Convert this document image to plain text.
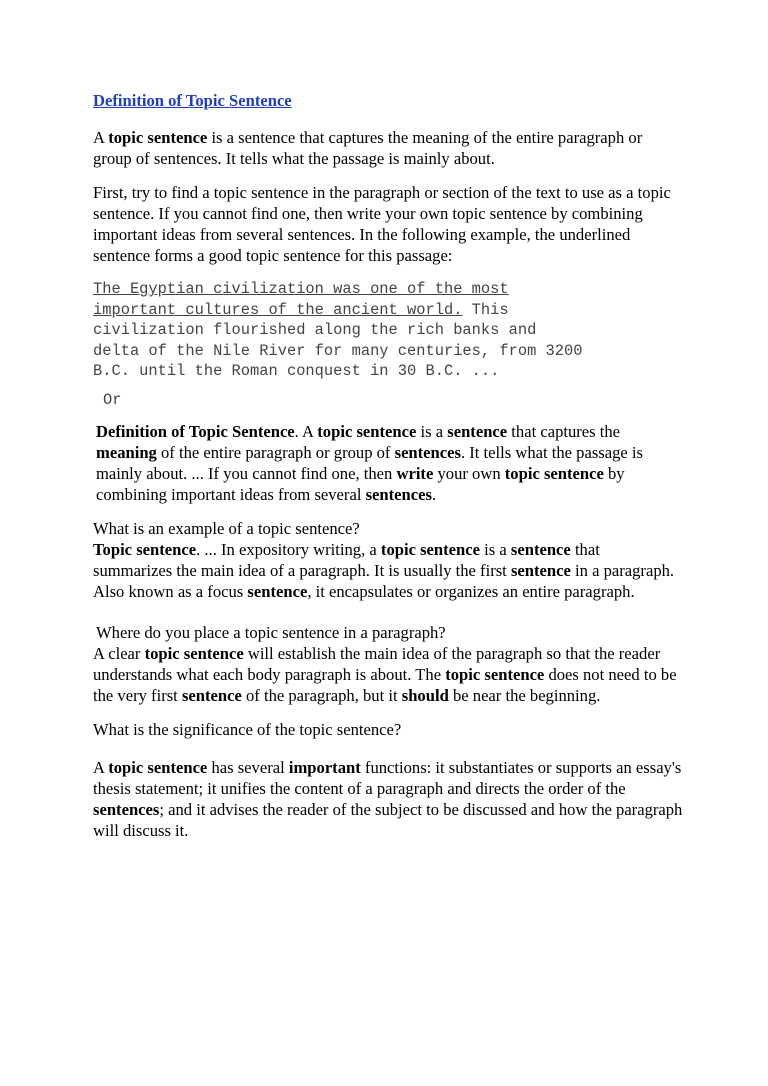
Definition of Topic Sentence

A topic sentence is a sentence that captures the meaning of the entire paragraph or group of sentences. It tells what the passage is mainly about.

First, try to find a topic sentence in the paragraph or section of the text to use as a topic sentence. If you cannot find one, then write your own topic sentence by combining important ideas from several sentences. In the following example, the underlined sentence forms a good topic sentence for this passage:

The Egyptian civilization was one of the most
important cultures of the ancient world. This
civilization flourished along the rich banks and
delta of the Nile River for many centuries, from 3200
B.C. until the Roman conquest in 30 B.C. ...
Or

Definition of Topic Sentence. A topic sentence is a sentence that captures the meaning of the entire paragraph or group of sentences. It tells what the passage is mainly about. ... If you cannot find one, then write your own topic sentence by combining important ideas from several sentences.

What is an example of a topic sentence?

Topic sentence. ... In expository writing, a topic sentence is a sentence that summarizes the main idea of a paragraph. It is usually the first sentence in a paragraph. Also known as a focus sentence, it encapsulates or organizes an entire paragraph.

Where do you place a topic sentence in a paragraph?

A clear topic sentence will establish the main idea of the paragraph so that the reader understands what each body paragraph is about. The topic sentence does not need to be the very first sentence of the paragraph, but it should be near the beginning.

What is the significance of the topic sentence?

A topic sentence has several important functions: it substantiates or supports an essay's thesis statement; it unifies the content of a paragraph and directs the order of the sentences; and it advises the reader of the subject to be discussed and how the paragraph will discuss it.
